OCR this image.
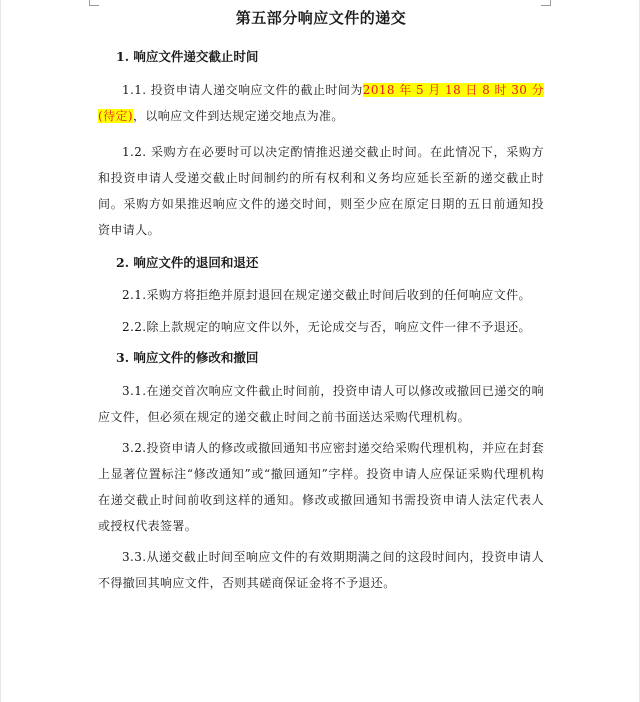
第五部分响应文件的递交

1. 响应文件递交截止时间

1.1. 投资申请人递交响应文件的截止时间为2018 年 5 月 18 日 8 时 30 分(待定)，以响应文件到达规定递交地点为准。

1.2. 采购方在必要时可以决定酌情推迟递交截止时间。在此情况下，采购方和投资申请人受递交截止时间制约的所有权利和义务均应延长至新的递交截止时间。采购方如果推迟响应文件的递交时间，则至少应在原定日期的五日前通知投资申请人。

2. 响应文件的退回和退还

2.1.采购方将拒绝并原封退回在规定递交截止时间后收到的任何响应文件。

2.2.除上款规定的响应文件以外，无论成交与否，响应文件一律不予退还。

3. 响应文件的修改和撤回

3.1.在递交首次响应文件截止时间前，投资申请人可以修改或撤回已递交的响应文件，但必须在规定的递交截止时间之前书面送达采购代理机构。

3.2.投资申请人的修改或撤回通知书应密封递交给采购代理机构，并应在封套上显著位置标注“修改通知”或“撤回通知”字样。投资申请人应保证采购代理机构在递交截止时间前收到这样的通知。修改或撤回通知书需投资申请人法定代表人或授权代表签署。

3.3.从递交截止时间至响应文件的有效期期满之间的这段时间内，投资申请人不得撤回其响应文件，否则其磋商保证金将不予退还。
